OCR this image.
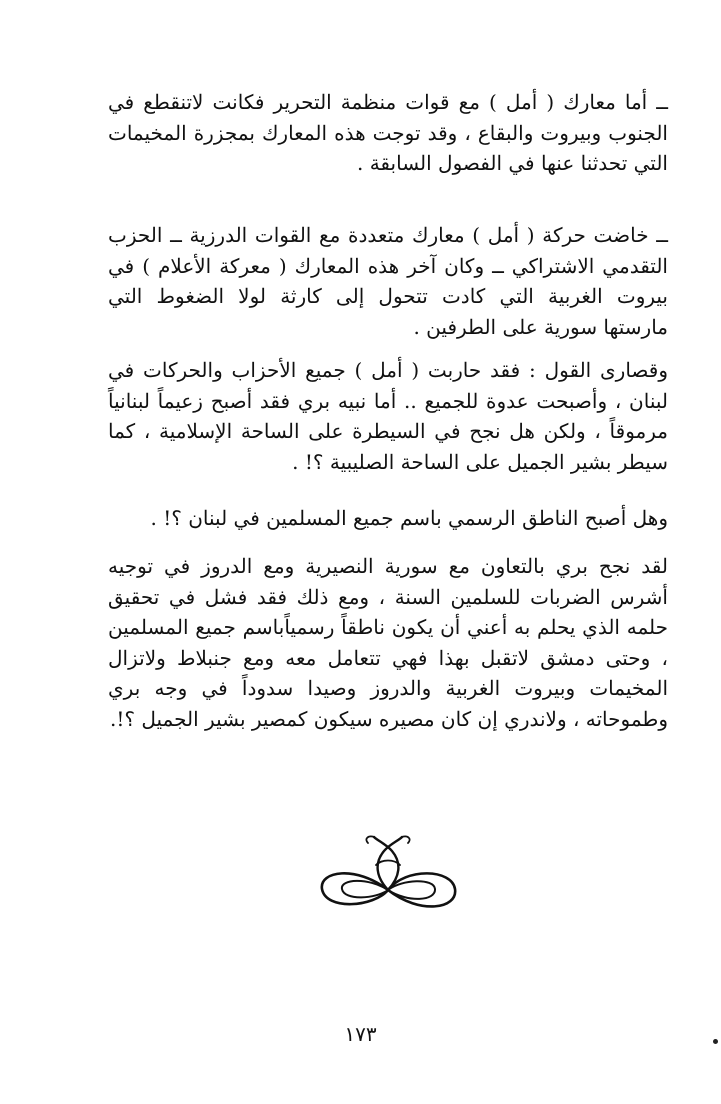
ــ أما معارك ( أمل ) مع قوات منظمة التحرير فكانت لاتنقطع في الجنوب وبيروت والبقاع ، وقد توجت هذه المعارك بمجزرة المخيمات التي تحدثنا عنها في الفصول السابقة .

ــ خاضت حركة ( أمل ) معارك متعددة مع القوات الدرزية ــ الحزب التقدمي الاشتراكي ــ وكان آخر هذه المعارك ( معركة الأعلام ) في بيروت الغربية التي كادت تتحول إلى كارثة لولا الضغوط التي مارستها سورية على الطرفين .

وقصارى القول : فقد حاربت ( أمل ) جميع الأحزاب والحركات في لبنان ، وأصبحت عدوة للجميع .. أما نبيه بري فقد أصبح زعيماً لبنانياً مرموقاً ، ولكن هل نجح في السيطرة على الساحة الإسلامية ، كما سيطر بشير الجميل على الساحة الصليبية ؟! .

وهل أصبح الناطق الرسمي باسم جميع المسلمين في لبنان ؟! .

لقد نجح بري بالتعاون مع سورية النصيرية ومع الدروز في توجيه أشرس الضربات للسلمين السنة ، ومع ذلك فقد فشل في تحقيق حلمه الذي يحلم به أعني أن يكون ناطقاً رسمياًباسم جميع المسلمين ، وحتى دمشق لاتقبل بهذا فهي تتعامل معه ومع جنبلاط ولاتزال المخيمات وبيروت الغربية والدروز وصيدا سدوداً في وجه بري وطموحاته ، ولاندري إن كان مصيره سيكون كمصير بشير الجميل ؟!.

١٧٣
